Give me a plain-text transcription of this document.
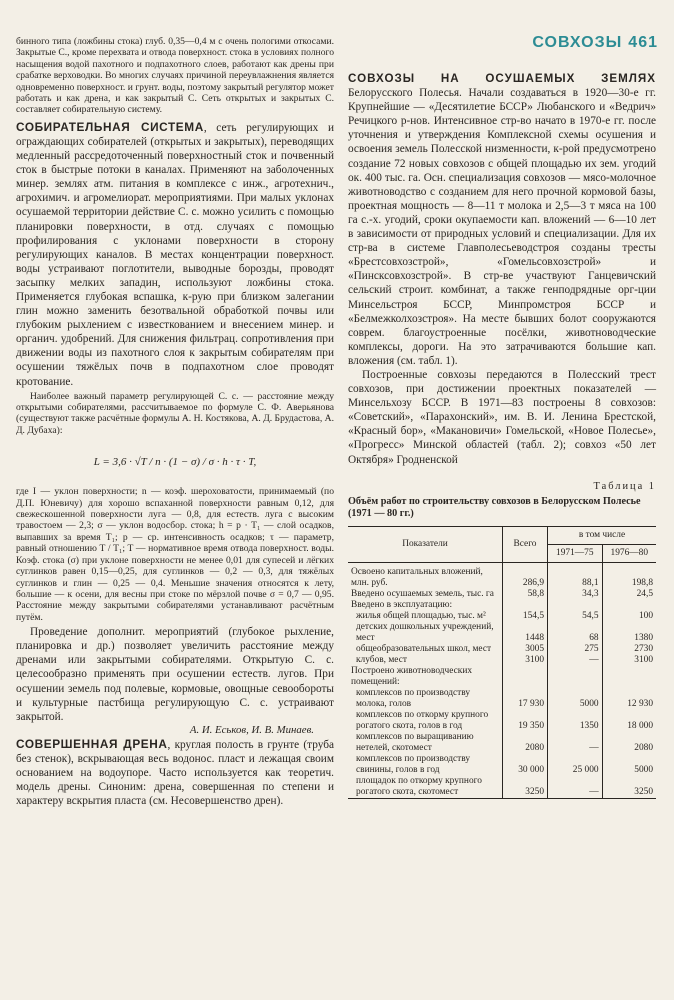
СОВХОЗЫ 461

бинного типа (ложбины стока) глуб. 0,35—0,4 м с очень пологими откосами. Закрытые С., кроме перехвата и отвода поверхност. стока в условиях полного насыщения водой пахотного и подпахотного слоев, работают как дрены при срабатке верховодки. Во многих случаях причиной переувлажнения является одновременно поверхност. и грунт. воды, поэтому закрытый регулятор может работать и как дрена, и как закрытый С. Сеть открытых и закрытых С. составляет собирательную систему.

СОБИРАТЕЛЬНАЯ СИСТЕМА, сеть регулирующих и ограждающих собирателей (открытых и закрытых), переводящих медленный рассредоточенный поверхностный сток и почвенный сток в быстрые потоки в каналах. Применяют на заболоченных минер. землях атм. питания в комплексе с инж., агротехнич., агрохимич. и агромелиорат. мероприятиями. При малых уклонах осушаемой территории действие С. с. можно усилить с помощью планировки поверхности, в отд. случаях с помощью профилирования с уклонами поверхности в сторону регулирующих каналов. В местах концентрации поверхност. воды устраивают поглотители, выводные борозды, проводят засыпку мелких западин, используют ложбины стока. Применяется глубокая вспашка, к-рую при близком залегании глин можно заменить безотвальной обработкой почвы или глубоким рыхлением с известкованием и внесением минер. и органич. удобрений. Для снижения фильтрац. сопротивления при движении воды из пахотного слоя к закрытым собирателям при осушении тяжёлых почв в подпахотном слое проводят кротование.

Наиболее важный параметр регулирующей С. с. — расстояние между открытыми собирателями, рассчитываемое по формуле С. Ф. Аверьянова (существуют также расчётные формулы А. Н. Костякова, А. Д. Брудастова, А. Д. Дубаха):

L = 3,6 · √T / n · (1 − σ) / σ · h · τ · T,

где I — уклон поверхности; n — коэф. шероховатости, принимаемый (по Д.П. Юневичу) для хорошо вспаханной поверхности равным 0,12, для свежескошенной поверхности луга — 0,8, для естеств. луга с высоким травостоем — 2,3; σ — уклон водосбор. стока; h = p · T₁ — слой осадков, выпавших за время T₁; p — ср. интенсивность осадков; τ — параметр, равный отношению T / T₁; T — нормативное время отвода поверхност. воды. Коэф. стока (σ) при уклоне поверхности не менее 0,01 для супесей и лёгких суглинков равен 0,15—0,25, для суглинков — 0,2 — 0,3, для тяжёлых суглинков и глин — 0,25 — 0,4. Меньшие значения относятся к лету, большие — к осени, для весны при стоке по мёрзлой почве σ = 0,7 — 0,95. Расстояние между закрытыми собирателями устанавливают расчётным путём.

Проведение дополнит. мероприятий (глубокое рыхление, планировка и др.) позволяет увеличить расстояние между дренами или закрытыми собирателями. Открытую С. с. целесообразно применять при осушении естеств. лугов. При осушении земель под полевые, кормовые, овощные севообороты и культурные пастбища регулирующую С. с. устраивают закрытой.

А. И. Еськов, И. В. Минаев.

СОВЕРШЕННАЯ ДРЕНА, круглая полость в грунте (труба без стенок), вскрывающая весь водонос. пласт и лежащая своим основанием на водоупоре. Часто используется как теоретич. модель дрены. Синоним: дрена, совершенная по степени и характеру вскрытия пласта (см. Несовершенство дрен).

СОВХОЗЫ НА ОСУШАЕМЫХ ЗЕМЛЯХ Белорусского Полесья. Начали создаваться в 1920—30-е гг. Крупнейшие — «Десятилетие БССР» Любанского и «Ведрич» Речицкого р-нов. Интенсивное стр-во начато в 1970-е гг. после уточнения и утверждения Комплексной схемы осушения и освоения земель Полесской низменности, к-рой предусмотрено создание 72 новых совхозов с общей площадью их зем. угодий ок. 400 тыс. га. Осн. специализация совхозов — мясо-молочное животноводство с созданием для него прочной кормовой базы, проектная мощность — 8—11 т молока и 2,5—3 т мяса на 100 га с.-х. угодий, сроки окупаемости кап. вложений — 6—10 лет в зависимости от природных условий и специализации. Для их стр-ва в системе Главполесьеводстроя созданы тресты «Брестсовхозстрой», «Гомельсовхозстрой» и «Пинсксовхозстрой». В стр-ве участвуют Ганцевичский сельский строит. комбинат, а также генподрядные орг-ции Минсельстроя БССР, Минпромстроя БССР и «Белмежколхозстроя». На месте бывших болот сооружаются соврем. благоустроенные посёлки, животноводческие комплексы, дороги. На это затрачиваются большие кап. вложения (см. табл. 1).

Построенные совхозы передаются в Полесский трест совхозов, при достижении проектных показателей — Минсельхозу БССР. В 1971—83 построены 8 совхозов: «Советский», «Парахонский», им. В. И. Ленина Брестской, «Красный бор», «Макановичи» Гомельской, «Новое Полесье», «Прогресс» Минской областей (табл. 2); совхоз «50 лет Октября» Гродненской

Таблица 1
Объём работ по строительству совхозов в Белорусском Полесье (1971 — 80 гг.)
Показатели	Всего	в том числе	
		1971—75	1976—80
Освоено капитальных вложений, млн. руб.	286,9	88,1	198,8
Введено осушаемых земель, тыс. га	58,8	34,3	24,5
Введено в эксплуатацию:			
жилья общей площадью, тыс. м²	154,5	54,5	100
детских дошкольных учреждений, мест	1448	68	1380
общеобразовательных школ, мест	3005	275	2730
клубов, мест	3100	—	3100
Построено животноводческих помещений:			
комплексов по производству молока, голов	17 930	5000	12 930
комплексов по откорму крупного рогатого скота, голов в год	19 350	1350	18 000
комплексов по выращиванию нетелей, скотомест	2080	—	2080
комплексов по производству свинины, голов в год	30 000	25 000	5000
площадок по откорму крупного рогатого скота, скотомест	3250	—	3250
